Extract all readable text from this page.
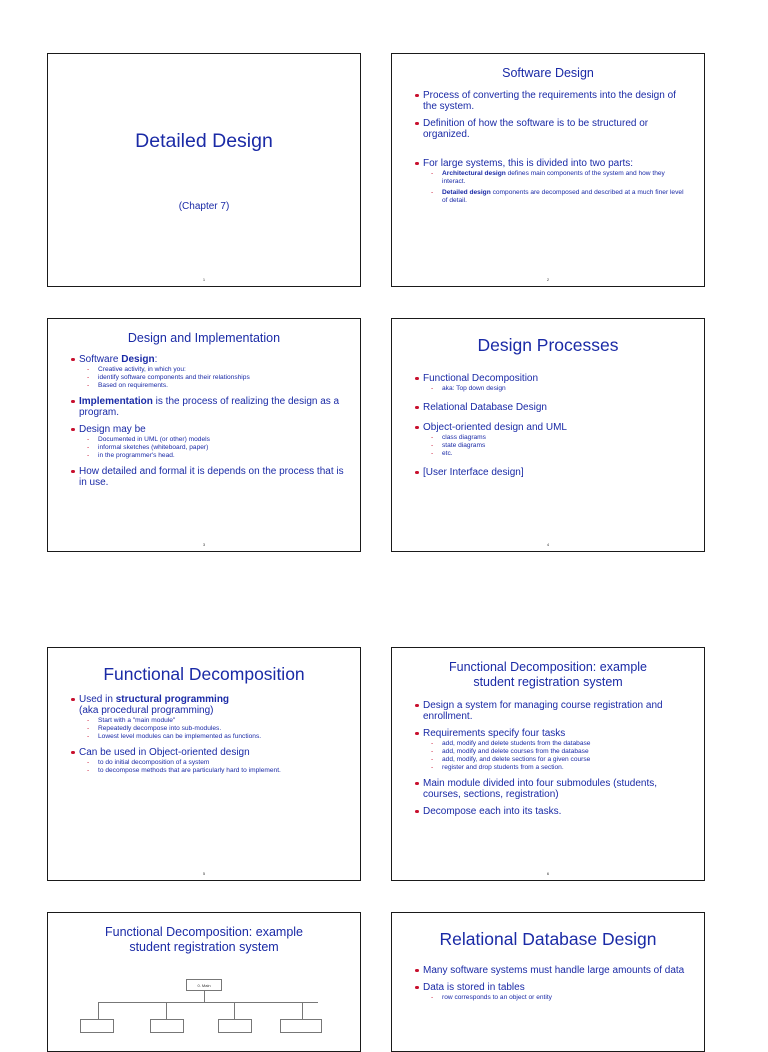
Detailed Design
(Chapter 7)
1
Software Design
Process of converting the requirements into the design of the system.
Definition of how the software is to be structured or organized.
For large systems, this is divided into two parts:
- Architectural design defines main components of the system and how they interact.
- Detailed design components are decomposed and described at a much finer level of detail.
2
Design and Implementation
Software Design:
- Creative activity, in which you:
- identify software components and their relationships
- Based on requirements.
Implementation is the process of realizing the design as a program.
Design may be
- Documented in UML (or other) models
- informal sketches (whiteboard, paper)
- in the programmer's head.
How detailed and formal it is depends on the process that is in use.
3
Design Processes
Functional Decomposition
- aka: Top down design
Relational Database Design
Object-oriented design and UML
- class diagrams
- state diagrams
- etc.
[User Interface design]
4
Functional Decomposition
Used in structural programming
(aka procedural programming)
- Start with a "main module"
- Repeatedly decompose into sub-modules.
- Lowest level modules can be implemented as functions.
Can be used in Object-oriented design
- to do initial decomposition of a system
- to decompose methods that are particularly hard to implement.
5
Functional Decomposition: example
student registration system
Design a system for managing course registration and enrollment.
Requirements specify four tasks
- add, modify and delete students from the database
- add, modify and delete courses from the database
- add, modify, and delete sections for a given course
- register and drop students from a section.
Main module divided into four submodules (students, courses, sections, registration)
Decompose each into its tasks.
6
Functional Decomposition: example
student registration system
0. Main
Relational Database Design
Many software systems must handle large amounts of data
Data is stored in tables
- row corresponds to an object or entity
